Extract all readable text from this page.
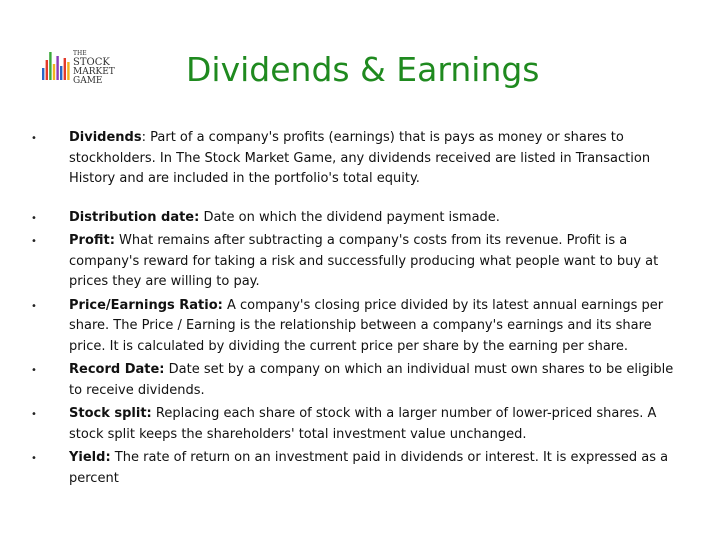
THE
STOCK
MARKET
GAME	Dividends & Earnings
• Dividends: Part of a company's profits (earnings) that is pays as money or shares to stockholders. In The Stock Market Game, any dividends received are listed in Transaction History and are included in the portfolio's total equity.
• Distribution date: Date on which the dividend payment ismade.
• Profit: What remains after subtracting a company's costs from its revenue. Profit is a company's reward for taking a risk and successfully producing what people want to buy at prices they are willing to pay.
• Price/Earnings Ratio: A company's closing price divided by its latest annual earnings per share. The Price / Earning is the relationship between a company's earnings and its share price. It is calculated by dividing the current price per share by the earning per share.
• Record Date: Date set by a company on which an individual must own shares to be eligible to receive dividends.
• Stock split: Replacing each share of stock with a larger number of lower-priced shares. A stock split keeps the shareholders' total investment value unchanged.
• Yield: The rate of return on an investment paid in dividends or interest. It is expressed as a percent
